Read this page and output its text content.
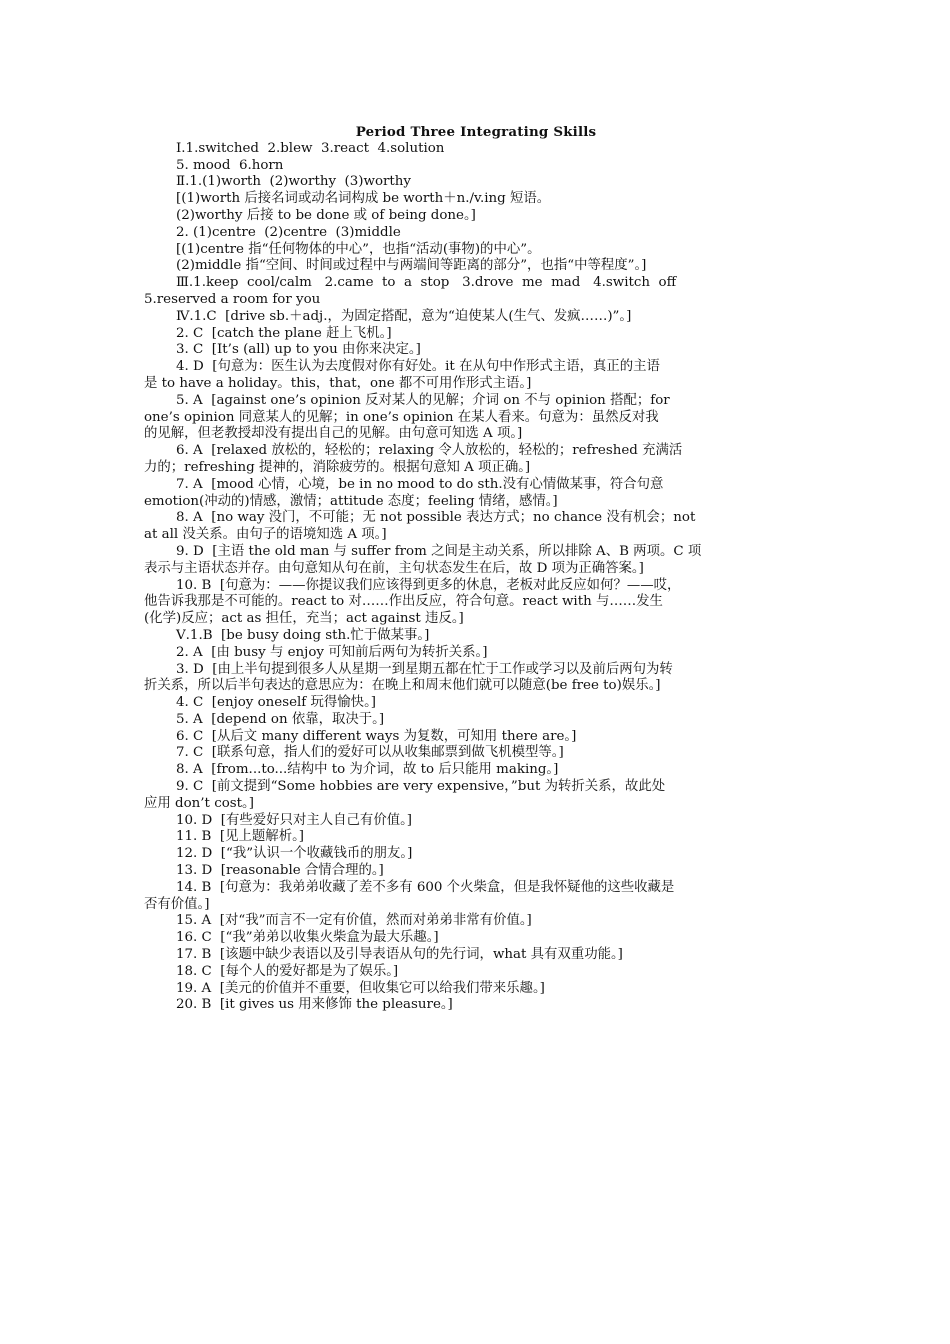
Period Three Integrating Skills
Ⅰ.1.switched  2.blew  3.react  4.solution
5. mood  6.horn
Ⅱ.1.(1)worth  (2)worthy  (3)worthy
[(1)worth 后接名词或动名词构成 be worth＋n./v.ing 短语。
(2)worthy 后接 to be done 或 of being done。]
2. (1)centre  (2)centre  (3)middle
[(1)centre 指“任何物体的中心”，也指“活动(事物)的中心”。
(2)middle 指“空间、时间或过程中与两端间等距离的部分”，也指“中等程度”。]
Ⅲ.1.keep  cool/calm   2.came  to  a  stop   3.drove  me  mad   4.switch  off
5.reserved a room for you
Ⅳ.1.C  [drive sb.＋adj.，为固定搭配，意为“迫使某人(生气、发疯……)”。]
2. C  [catch the plane 赶上飞机。]
3. C  [It’s (all) up to you 由你来决定。]
4. D  [句意为：医生认为去度假对你有好处。it 在从句中作形式主语，真正的主语
是 to have a holiday。this，that，one 都不可用作形式主语。]
5. A  [against one’s opinion 反对某人的见解；介词 on 不与 opinion 搭配；for
one’s opinion 同意某人的见解；in one’s opinion 在某人看来。句意为：虽然反对我
的见解，但老教授却没有提出自己的见解。由句意可知选 A 项。]
6. A  [relaxed 放松的，轻松的；relaxing 令人放松的，轻松的；refreshed 充满活
力的；refreshing 提神的，消除疲劳的。根据句意知 A 项正确。]
7. A  [mood 心情，心境，be in no mood to do sth.没有心情做某事，符合句意
emotion(冲动的)情感，激情；attitude 态度；feeling 情绪，感情。]
8. A  [no way 没门，不可能；无 not possible 表达方式；no chance 没有机会；not
at all 没关系。由句子的语境知选 A 项。]
9. D  [主语 the old man 与 suffer from 之间是主动关系，所以排除 A、B 两项。C 项
表示与主语状态并存。由句意知从句在前，主句状态发生在后，故 D 项为正确答案。]
10. B  [句意为：——你提议我们应该得到更多的休息，老板对此反应如何？——哎，
他告诉我那是不可能的。react to 对……作出反应，符合句意。react with 与……发生
(化学)反应；act as 担任，充当；act against 违反。]
Ⅴ.1.B  [be busy doing sth.忙于做某事。]
2. A  [由 busy 与 enjoy 可知前后两句为转折关系。]
3. D  [由上半句提到很多人从星期一到星期五都在忙于工作或学习以及前后两句为转
折关系，所以后半句表达的意思应为：在晚上和周末他们就可以随意(be free to)娱乐。]
4. C  [enjoy oneself 玩得愉快。]
5. A  [depend on 依靠，取决于。]
6. C  [从后文 many different ways 为复数，可知用 there are。]
7. C  [联系句意，指人们的爱好可以从收集邮票到做飞机模型等。]
8. A  [from...to...结构中 to 为介词，故 to 后只能用 making。]
9. C  [前文提到“Some hobbies are very expensive，”but 为转折关系，故此处
应用 don’t cost。]
10. D  [有些爱好只对主人自己有价值。]
11. B  [见上题解析。]
12. D  [“我”认识一个收藏钱币的朋友。]
13. D  [reasonable 合情合理的。]
14. B  [句意为：我弟弟收藏了差不多有 600 个火柴盒，但是我怀疑他的这些收藏是
否有价值。]
15. A  [对“我”而言不一定有价值，然而对弟弟非常有价值。]
16. C  [“我”弟弟以收集火柴盒为最大乐趣。]
17. B  [该题中缺少表语以及引导表语从句的先行词，what 具有双重功能。]
18. C  [每个人的爱好都是为了娱乐。]
19. A  [美元的价值并不重要，但收集它可以给我们带来乐趣。]
20. B  [it gives us 用来修饰 the pleasure。]
